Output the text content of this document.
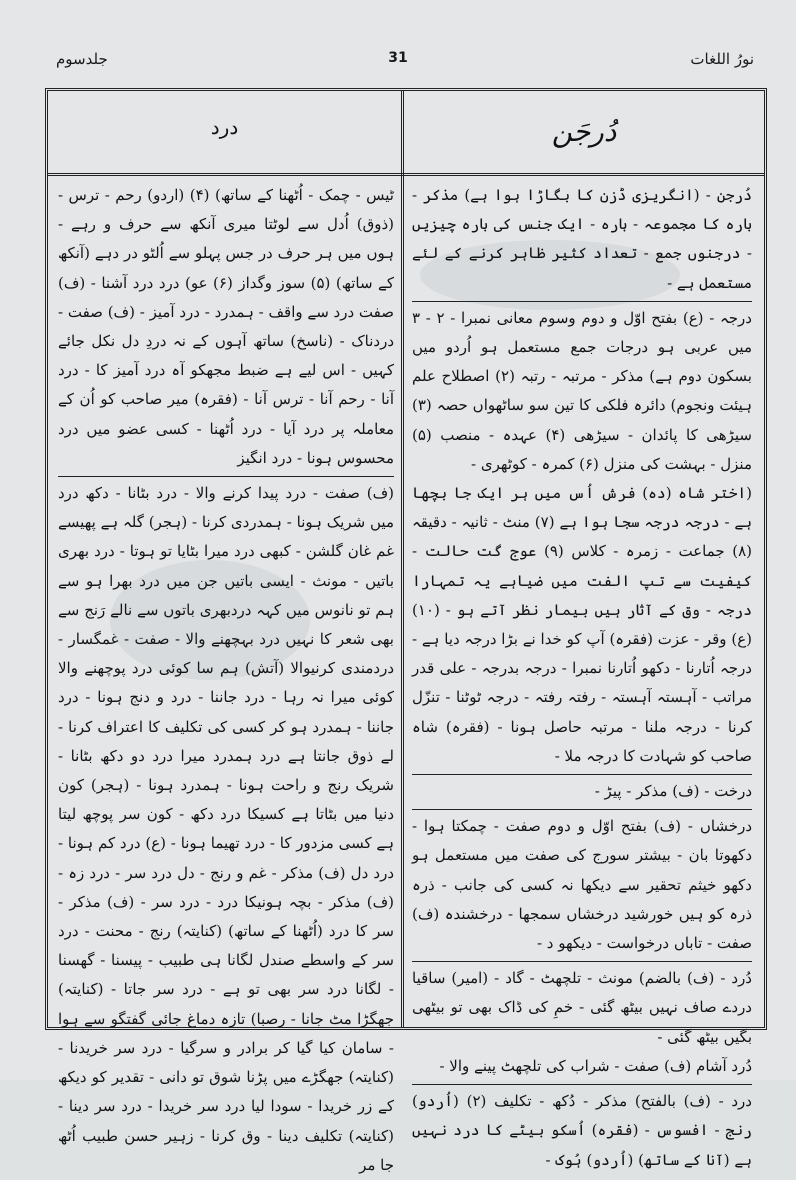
جلدسوم	31	نورُ اللغات
درد	دُرجَن

دُرجن - (انگریزی ڈزن کا بگاڑا ہوا ہے) مذکر - بارہ کا مجموعہ - بارہ - ایک جنس کی بارہ چیزیں - درجنوں جمع - تعداد کثیر ظاہر کرنے کے لئے مستعمل ہے -

درجہ - (ع) بفتح اوّل و دوم وسوم معانی نمبرا - ۲ - ۳ میں عربی ہو درجات جمع مستعمل ہو اُردو میں بسکون دوم ہے) مذکر - مرتبہ - رتبہ (۲) اصطلاح علم ہیئت ونجوم) دائرہ فلکی کا تین سو ساٹھواں حصہ (۳) سیڑھی کا پائدان - سیڑھی (۴) عہدہ - منصب (۵) منزل - بہشت کی منزل (۶) کمرہ - کوٹھری -

(اختر شاہ (دہ) فرش اُس میں ہر ایک جا بچھا ہے - درجہ درجہ سجا ہوا ہے (۷) منٹ - ثانیہ - دقیقہ (۸) جماعت - زمرہ - کلاس (۹) عوج گت حالت - کیفیت سے تپ الفت میں ضیاہے یہ تمہارا درجہ - وق کے آثار ہیں بیمار نظر آتے ہو - (۱۰) (ع) وقر - عزت (فقرہ) آپ کو خدا نے بڑا درجہ دیا ہے - درجہ اُتارنا - دکھو اُتارنا نمبرا - درجہ بدرجہ - علی قدر مراتب - آہستہ آہستہ - رفتہ رفتہ - درجہ ٹوٹنا - تنزّل کرنا - درجہ ملنا - مرتبہ حاصل ہونا - (فقرہ) شاہ صاحب کو شہادت کا درجہ ملا -

درخت - (ف) مذکر - پیڑ -

درخشاں - (ف) بفتح اوّل و دوم صفت - چمکتا ہوا - دکھوتا بان - بیشتر سورج کی صفت میں مستعمل ہو دکھو خیثم تحقیر سے دیکھا نہ کسی کی جانب - ذرہ ذرہ کو ہیں خورشید درخشاں سمجھا - درخشندہ (ف) صفت - تاباں درخواست - دیکھو د -

دُرد - (ف) بالضم) مونث - تلچھٹ - گاد - (امیر) ساقیا دردے صاف نہیں بیٹھ گئی - خمِ کی ڈاک بھی تو بیٹھی بگیں بیٹھ گئی -

دُرد آشام (ف) صفت - شراب کی تلچھٹ پینے والا -

درد - (ف) بالفتح) مذکر - دُکھ - تکلیف (۲) (اُردو) رنج - افسوس - (فقرہ) اُسکو بیٹے کا درد نہیں ہے (آنا کے ساتھ) (اُردو) ہُوک -

ٹیس - چمک - اُٹھنا کے ساتھ) (۴) (اردو) رحم - ترس - (ذوق) اُدل سے لوٹتا میری آنکھ سے حرف و رہے - ہوں میں ہر حرف در جس پہلو سے اُلٹو در دہے (آنکھ کے ساتھ) (۵) سوز وگداز (۶) عو) درد درد آشنا - (ف) صفت درد سے واقف - ہمدرد - درد آمیز - (ف) صفت - دردناک - (ناسخ) ساتھ آہوں کے نہ دردِ دل نکل جائے کہیں - اس لیے ہے ضبط مجھکو آہ درد آمیز کا - درد آنا - رحم آنا - ترس آنا - (فقرہ) میر صاحب کو اُن کے معاملہ پر درد آیا - درد اُٹھنا - کسی عضو میں درد محسوس ہونا - درد انگیز

(ف) صفت - درد پیدا کرنے والا - درد بٹانا - دکھ درد میں شریک ہونا - ہمدردی کرنا - (ہجر) گلہ ہے پھیسے غم غان گلشن - کبھی درد میرا بٹایا تو ہوتا - درد بھری باتیں - مونث - ایسی باتیں جن میں درد بھرا ہو سے ہم تو نانوس میں کہہ دردبھری باتوں سے نالے رَنج سے بھی شعر کا نہیں درد بہچھنے والا - صفت - غمگسار - دردمندی کرنیوالا (آتش) ہم سا کوئی درد پوچھنے والا کوئی میرا نہ رہا - درد جاننا - درد و دنج ہونا - درد جاننا - ہمدرد ہو کر کسی کی تکلیف کا اعتراف کرنا - لے ذوق جانتا ہے درد ہمدرد میرا درد دو دکھ بٹانا - شریک رنج و راحت ہونا - ہمدرد ہونا - (ہجر) کون دنیا میں بٹاتا ہے کسیکا درد دکھ - کون سر پوچھ لیتا ہے کسی مزدور کا - درد تھیما ہونا - (ع) درد کم ہونا - درد دل (ف) مذکر - غم و رنج - دل درد سر - درد زہ - (ف) مذکر - بچہ ہونیکا درد - درد سر - (ف) مذکر - سر کا درد (اُٹھنا کے ساتھ) (کنایتہ) رنج - محنت - درد سر کے واسطے صندل لگانا ہی طبیب - پیسنا - گھسنا - لگانا درد سر بھی تو ہے - درد سر جاتا - (کنایتہ) جھگڑا مٹ جانا - رصبا) تازہ دماغ جائی گفتگو سے ہوا - سامان کیا گیا کر برادر و سرگیا - درد سر خریدنا - (کنایتہ) جھگڑے میں پڑنا شوق تو دانی - تقدیر کو دیکھ کے زر خریدا - سودا لیا درد سر خریدا - درد سر دینا - (کنایتہ) تکلیف دینا - وق کرنا - زہیر حسن طبیب اُٹھ جا مر
